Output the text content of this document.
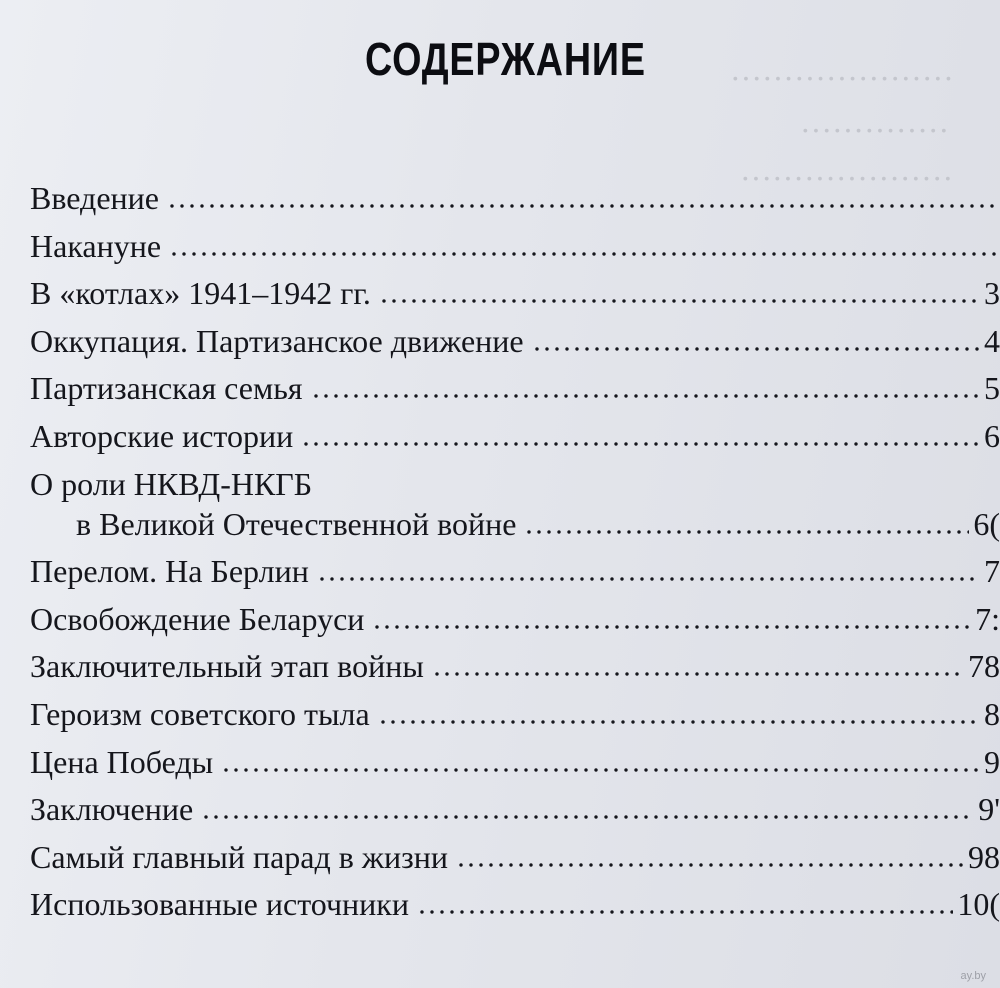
·····················
··············
····················
СОДЕРЖАНИЕ
Введение
Накануне
В «котлах» 1941–1942 гг.	3
Оккупация. Партизанское движение	4
Партизанская семья	5
Авторские истории	6
О роли НКВД-НКГБ
в Великой Отечественной войне	6(
Перелом. На Берлин	7
Освобождение Беларуси	7:
Заключительный этап войны	78
Героизм советского тыла	8
Цена Победы	9
Заключение	9'
Самый главный парад в жизни	98
Использованные источники	10(
ay.by
